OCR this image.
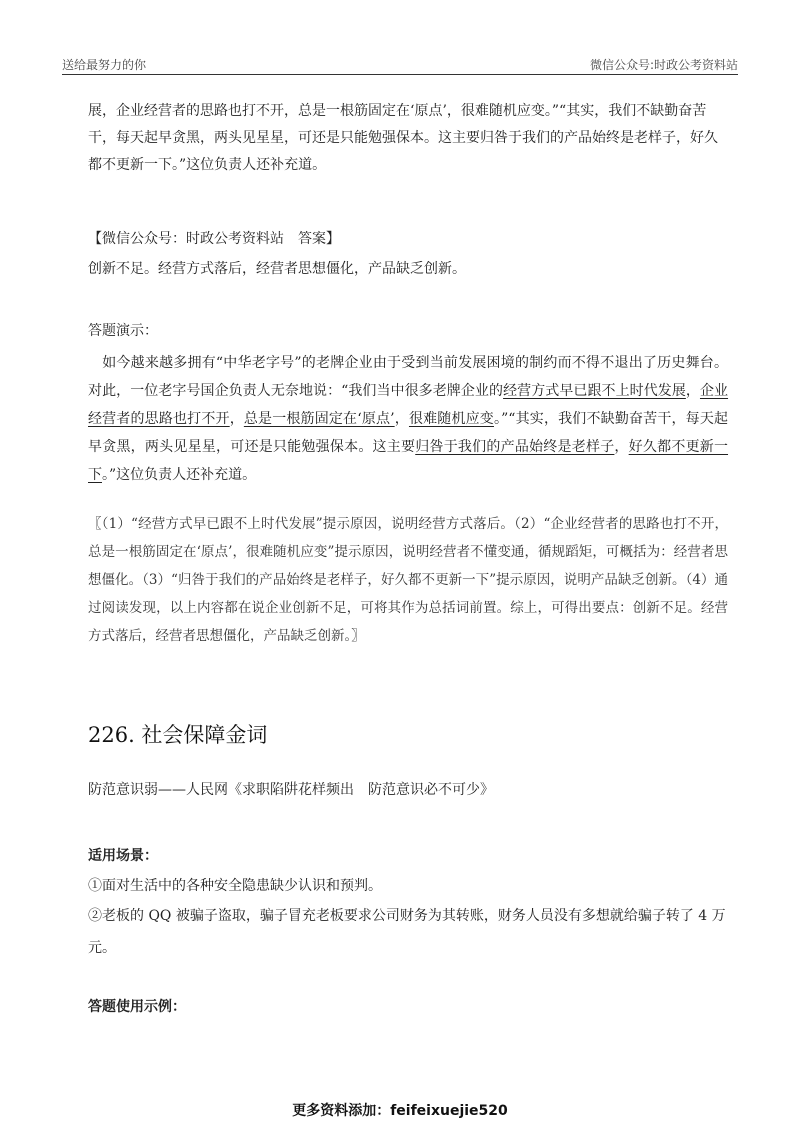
送给最努力的你	微信公众号:时政公考资料站

展，企业经营者的思路也打不开，总是一根筋固定在‘原点’，很难随机应变。”“其实，我们不缺勤奋苦干，每天起早贪黑，两头见星星，可还是只能勉强保本。这主要归咎于我们的产品始终是老样子，好久都不更新一下。”这位负责人还补充道。

【微信公众号：时政公考资料站　答案】

创新不足。经营方式落后，经营者思想僵化，产品缺乏创新。

答题演示：

 如今越来越多拥有“中华老字号”的老牌企业由于受到当前发展困境的制约而不得不退出了历史舞台。对此，一位老字号国企负责人无奈地说：“我们当中很多老牌企业的经营方式早已跟不上时代发展，企业经营者的思路也打不开，总是一根筋固定在‘原点’，很难随机应变。”“其实，我们不缺勤奋苦干，每天起早贪黑，两头见星星，可还是只能勉强保本。这主要归咎于我们的产品始终是老样子，好久都不更新一下。”这位负责人还补充道。

〖（1）“经营方式早已跟不上时代发展”提示原因，说明经营方式落后。（2）“企业经营者的思路也打不开，总是一根筋固定在‘原点’，很难随机应变”提示原因，说明经营者不懂变通，循规蹈矩，可概括为：经营者思想僵化。（3）“归咎于我们的产品始终是老样子，好久都不更新一下”提示原因，说明产品缺乏创新。（4）通过阅读发现，以上内容都在说企业创新不足，可将其作为总括词前置。综上，可得出要点：创新不足。经营方式落后，经营者思想僵化，产品缺乏创新。〗

226. 社会保障金词

防范意识弱——人民网《求职陷阱花样频出　防范意识必不可少》

适用场景：

①面对生活中的各种安全隐患缺少认识和预判。

②老板的 QQ 被骗子盗取，骗子冒充老板要求公司财务为其转账，财务人员没有多想就给骗子转了 4 万元。

答题使用示例：

更多资料添加：feifeixuejie520
